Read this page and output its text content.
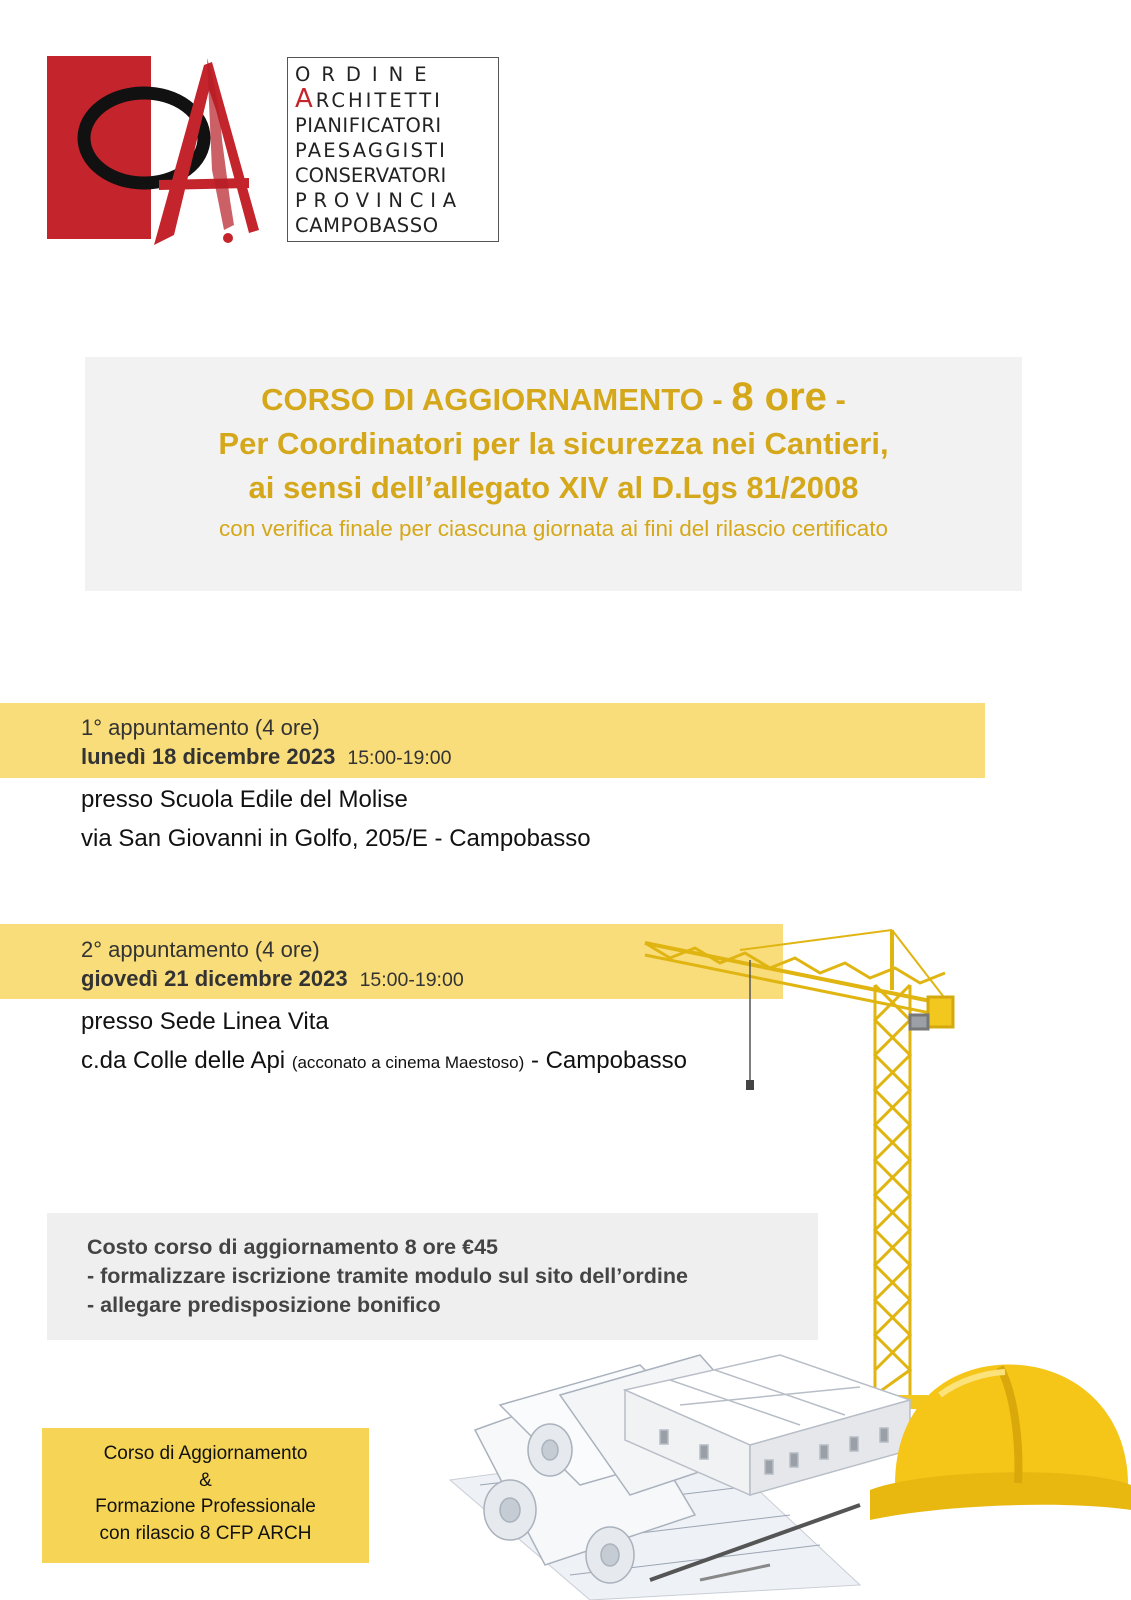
ORDINE
ARCHITETTI
PIANIFICATORI
PAESAGGISTI
CONSERVATORI
PROVINCIA
CAMPOBASSO
CORSO DI AGGIORNAMENTO - 8 ore -
Per Coordinatori per la sicurezza nei Cantieri,
ai sensi dell’allegato XIV al D.Lgs 81/2008
con verifica finale per ciascuna giornata ai fini del rilascio certificato
1° appuntamento (4 ore)
lunedì 18 dicembre 2023 15:00-19:00
presso Scuola Edile del Molise
via San Giovanni in Golfo, 205/E - Campobasso
2° appuntamento (4 ore)
giovedì 21 dicembre 2023 15:00-19:00
presso Sede Linea Vita
c.da Colle delle Api (acconato a cinema Maestoso) - Campobasso
Costo corso di aggiornamento 8 ore €45
- formalizzare iscrizione tramite modulo sul sito dell’ordine
- allegare predisposizione bonifico
Corso di Aggiornamento
&
Formazione Professionale
con rilascio 8 CFP ARCH
